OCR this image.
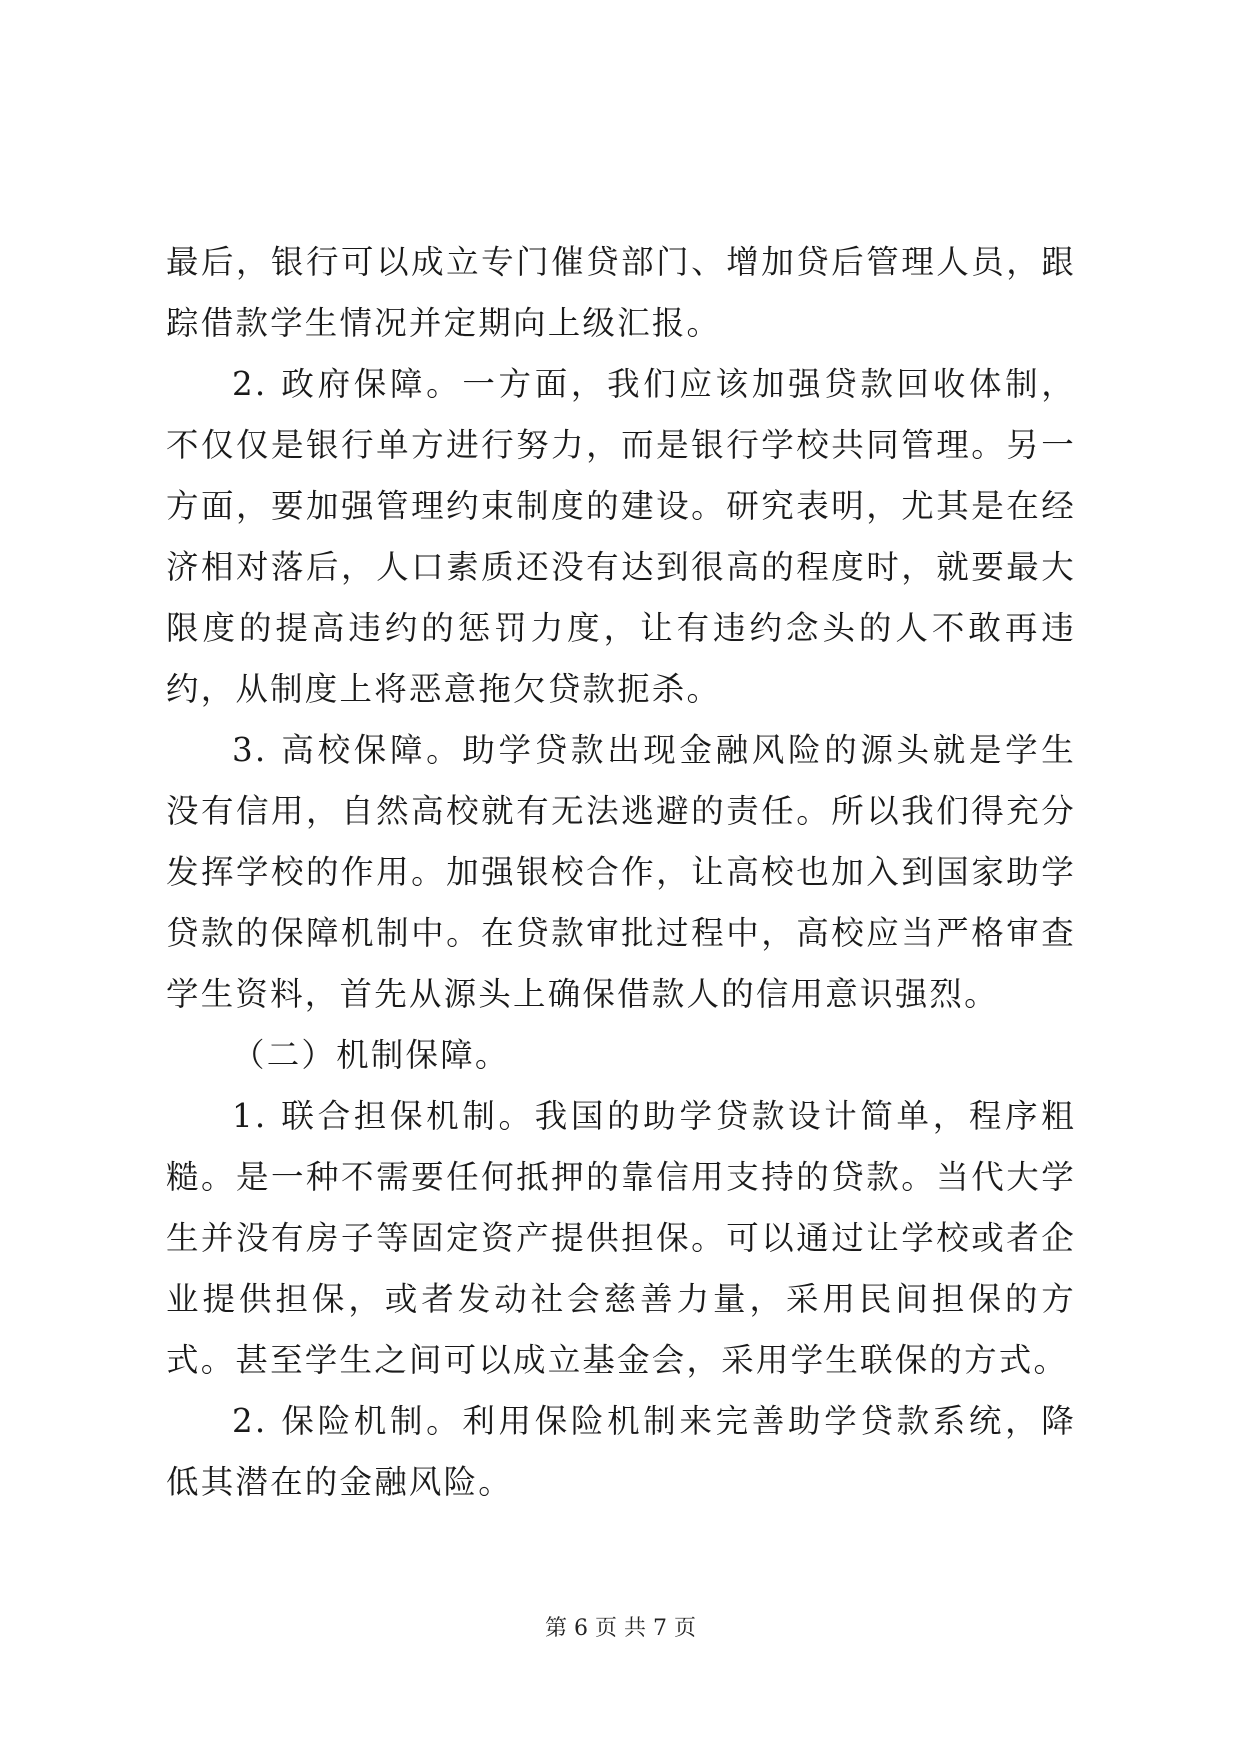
最后，银行可以成立专门催贷部门、增加贷后管理人员，跟踪借款学生情况并定期向上级汇报。

2. 政府保障。一方面，我们应该加强贷款回收体制，不仅仅是银行单方进行努力，而是银行学校共同管理。另一方面，要加强管理约束制度的建设。研究表明，尤其是在经济相对落后，人口素质还没有达到很高的程度时，就要最大限度的提高违约的惩罚力度，让有违约念头的人不敢再违约，从制度上将恶意拖欠贷款扼杀。

3. 高校保障。助学贷款出现金融风险的源头就是学生没有信用，自然高校就有无法逃避的责任。所以我们得充分发挥学校的作用。加强银校合作，让高校也加入到国家助学贷款的保障机制中。在贷款审批过程中，高校应当严格审查学生资料，首先从源头上确保借款人的信用意识强烈。

（二）机制保障。

1. 联合担保机制。我国的助学贷款设计简单，程序粗糙。是一种不需要任何抵押的靠信用支持的贷款。当代大学生并没有房子等固定资产提供担保。可以通过让学校或者企业提供担保，或者发动社会慈善力量，采用民间担保的方式。甚至学生之间可以成立基金会，采用学生联保的方式。

2. 保险机制。利用保险机制来完善助学贷款系统，降低其潜在的金融风险。

第 6 页 共 7 页
